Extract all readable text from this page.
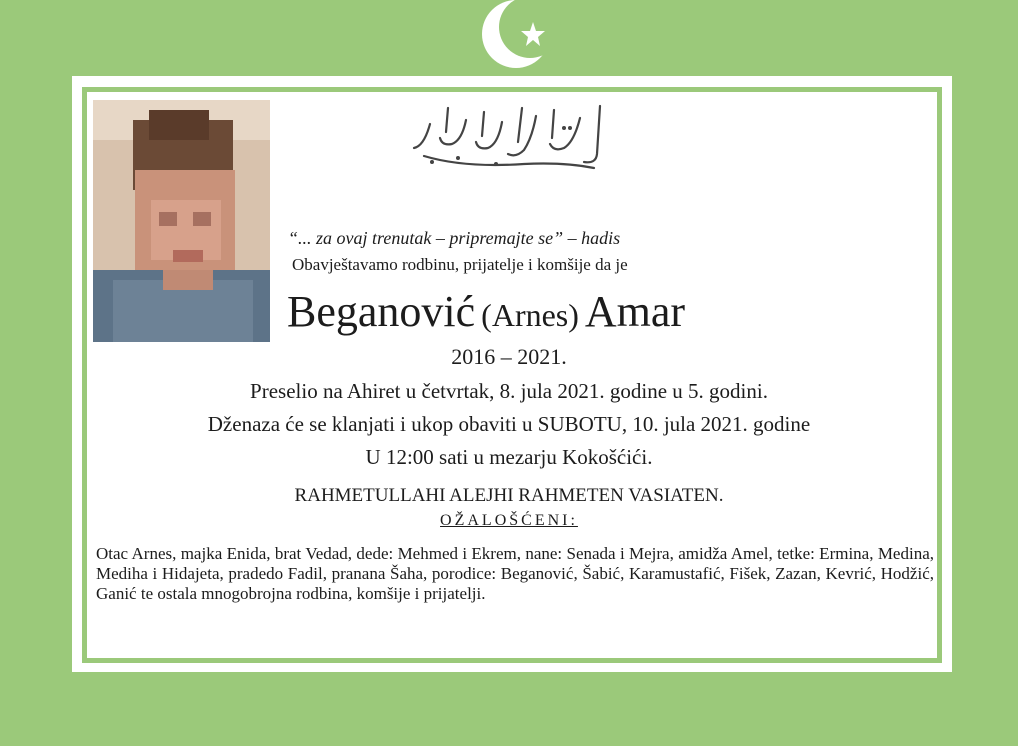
ارتحال دار بقا
“... za ovaj trenutak – pripremajte se” – hadis
Obavještavamo rodbinu, prijatelje i komšije da je
Beganović (Arnes) Amar
2016 – 2021.
Preselio na Ahiret u četvrtak, 8. jula 2021. godine u 5. godini.
Dženaza će se klanjati i ukop obaviti u SUBOTU, 10. jula 2021. godine
U 12:00 sati u mezarju Kokošćići.
RAHMETULLAHI ALEJHI RAHMETEN VASIATEN.
OŽALOŠĆENI:
Otac Arnes, majka Enida, brat Vedad, dede: Mehmed i Ekrem, nane: Senada i Mejra, amidža Amel, tetke: Ermina, Medina, Mediha i Hidajeta, pradedo Fadil, pranana Šaha, porodice: Beganović, Šabić, Karamustafić, Fišek, Zazan, Kevrić, Hodžić, Ganić te ostala mnogobrojna rodbina, komšije i prijatelji.
